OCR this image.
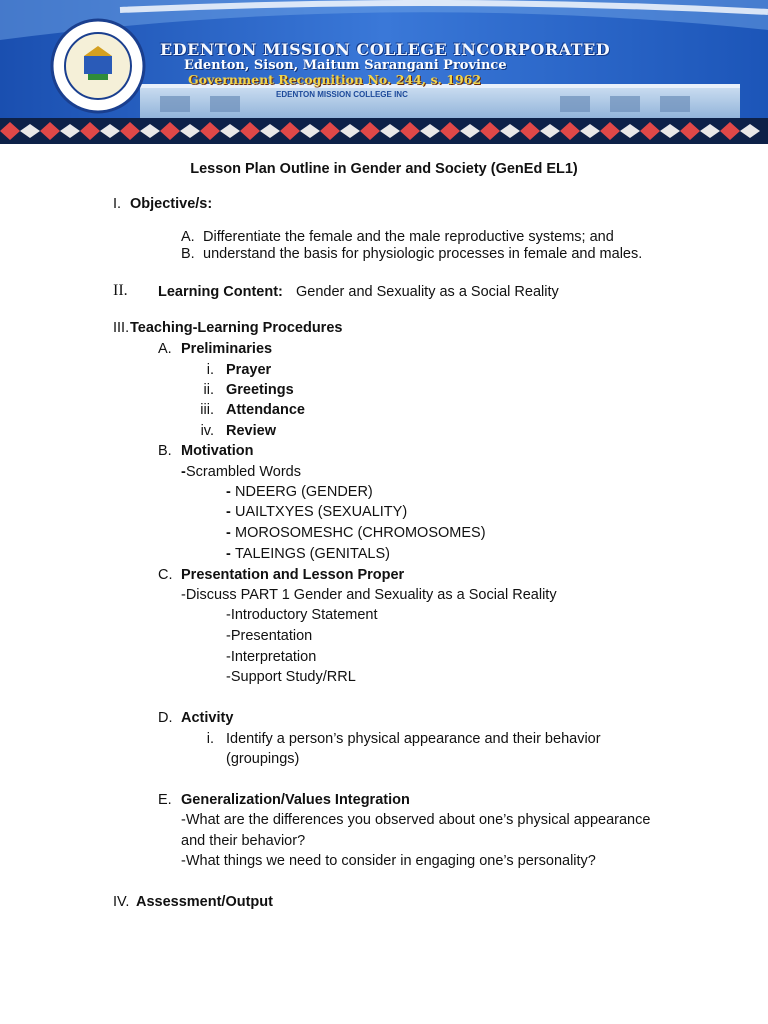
EDENTON MISSION COLLEGE INCORPORATED
Edenton, Sison, Maitum Sarangani Province
Government Recognition No. 244, s. 1962
EDENTON MISSION COLLEGE INC
Lesson Plan Outline in Gender and Society (GenEd EL1)
I. Objective/s:
A. Differentiate the female and the male reproductive systems; and
B. understand the basis for physiologic processes in female and males.
II. Learning Content: Gender and Sexuality as a Social Reality
III. Teaching-Learning Procedures
A. Preliminaries
i. Prayer
ii. Greetings
iii. Attendance
iv. Review
B. Motivation
- Scrambled Words
- NDEERG (GENDER)
- UAILTXYES (SEXUALITY)
- MOROSOMESHC (CHROMOSOMES)
- TALEINGS (GENITALS)
C. Presentation and Lesson Proper
-Discuss PART 1 Gender and Sexuality as a Social Reality
-Introductory Statement
-Presentation
-Interpretation
-Support Study/RRL
D. Activity
i. Identify a person’s physical appearance and their behavior
(groupings)
E. Generalization/Values Integration
-What are the differences you observed about one’s physical appearance
and their behavior?
-What things we need to consider in engaging one’s personality?
IV. Assessment/Output
